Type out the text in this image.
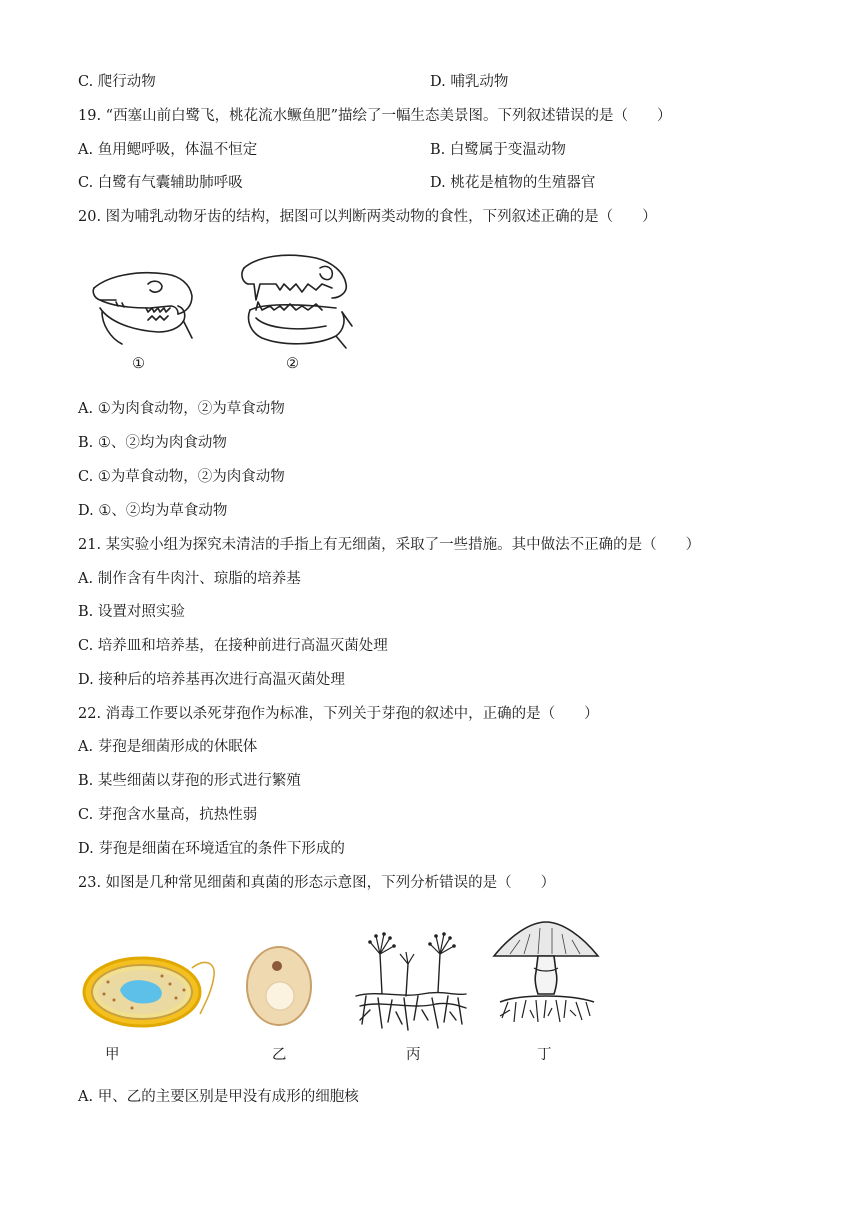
C. 爬行动物	D. 哺乳动物
19. “西塞山前白鹭飞，桃花流水鳜鱼肥”描绘了一幅生态美景图。下列叙述错误的是（　　）
A. 鱼用鳃呼吸，体温不恒定	B. 白鹭属于变温动物
C. 白鹭有气囊辅助肺呼吸	D. 桃花是植物的生殖器官
20. 图为哺乳动物牙齿的结构，据图可以判断两类动物的食性，下列叙述正确的是（　　）
①	②
A. ①为肉食动物，②为草食动物
B. ①、②均为肉食动物
C. ①为草食动物，②为肉食动物
D. ①、②均为草食动物
21. 某实验小组为探究未清洁的手指上有无细菌，采取了一些措施。其中做法不正确的是（　　）
A. 制作含有牛肉汁、琼脂的培养基
B. 设置对照实验
C. 培养皿和培养基，在接种前进行高温灭菌处理
D. 接种后的培养基再次进行高温灭菌处理
22. 消毒工作要以杀死芽孢作为标准，下列关于芽孢的叙述中，正确的是（　　）
A. 芽孢是细菌形成的休眠体
B. 某些细菌以芽孢的形式进行繁殖
C. 芽孢含水量高，抗热性弱
D. 芽孢是细菌在环境适宜的条件下形成的
23. 如图是几种常见细菌和真菌的形态示意图，下列分析错误的是（　　）
甲	乙	丙	丁
A. 甲、乙的主要区别是甲没有成形的细胞核
